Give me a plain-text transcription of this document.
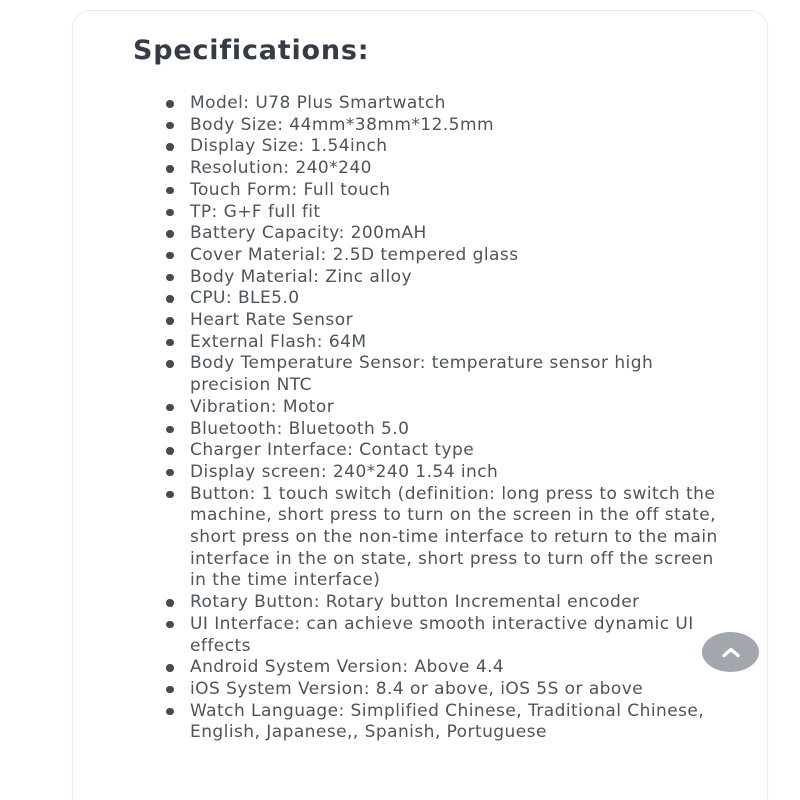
Specifications:
Model: U78 Plus Smartwatch
Body Size: 44mm*38mm*12.5mm
Display Size: 1.54inch
Resolution: 240*240
Touch Form: Full touch
TP: G+F full fit
Battery Capacity: 200mAH
Cover Material: 2.5D tempered glass
Body Material: Zinc alloy
CPU: BLE5.0
Heart Rate Sensor
External Flash: 64M
Body Temperature Sensor: temperature sensor high precision NTC
Vibration: Motor
Bluetooth: Bluetooth 5.0
Charger Interface: Contact type
Display screen: 240*240 1.54 inch
Button: 1 touch switch (definition: long press to switch the machine, short press to turn on the screen in the off state, short press on the non-time interface to return to the main interface in the on state, short press to turn off the screen in the time interface)
Rotary Button: Rotary button Incremental encoder
UI Interface: can achieve smooth interactive dynamic UI effects
Android System Version: Above 4.4
iOS System Version: 8.4 or above, iOS 5S or above
Watch Language: Simplified Chinese, Traditional Chinese, English, Japanese,, Spanish, Portuguese
